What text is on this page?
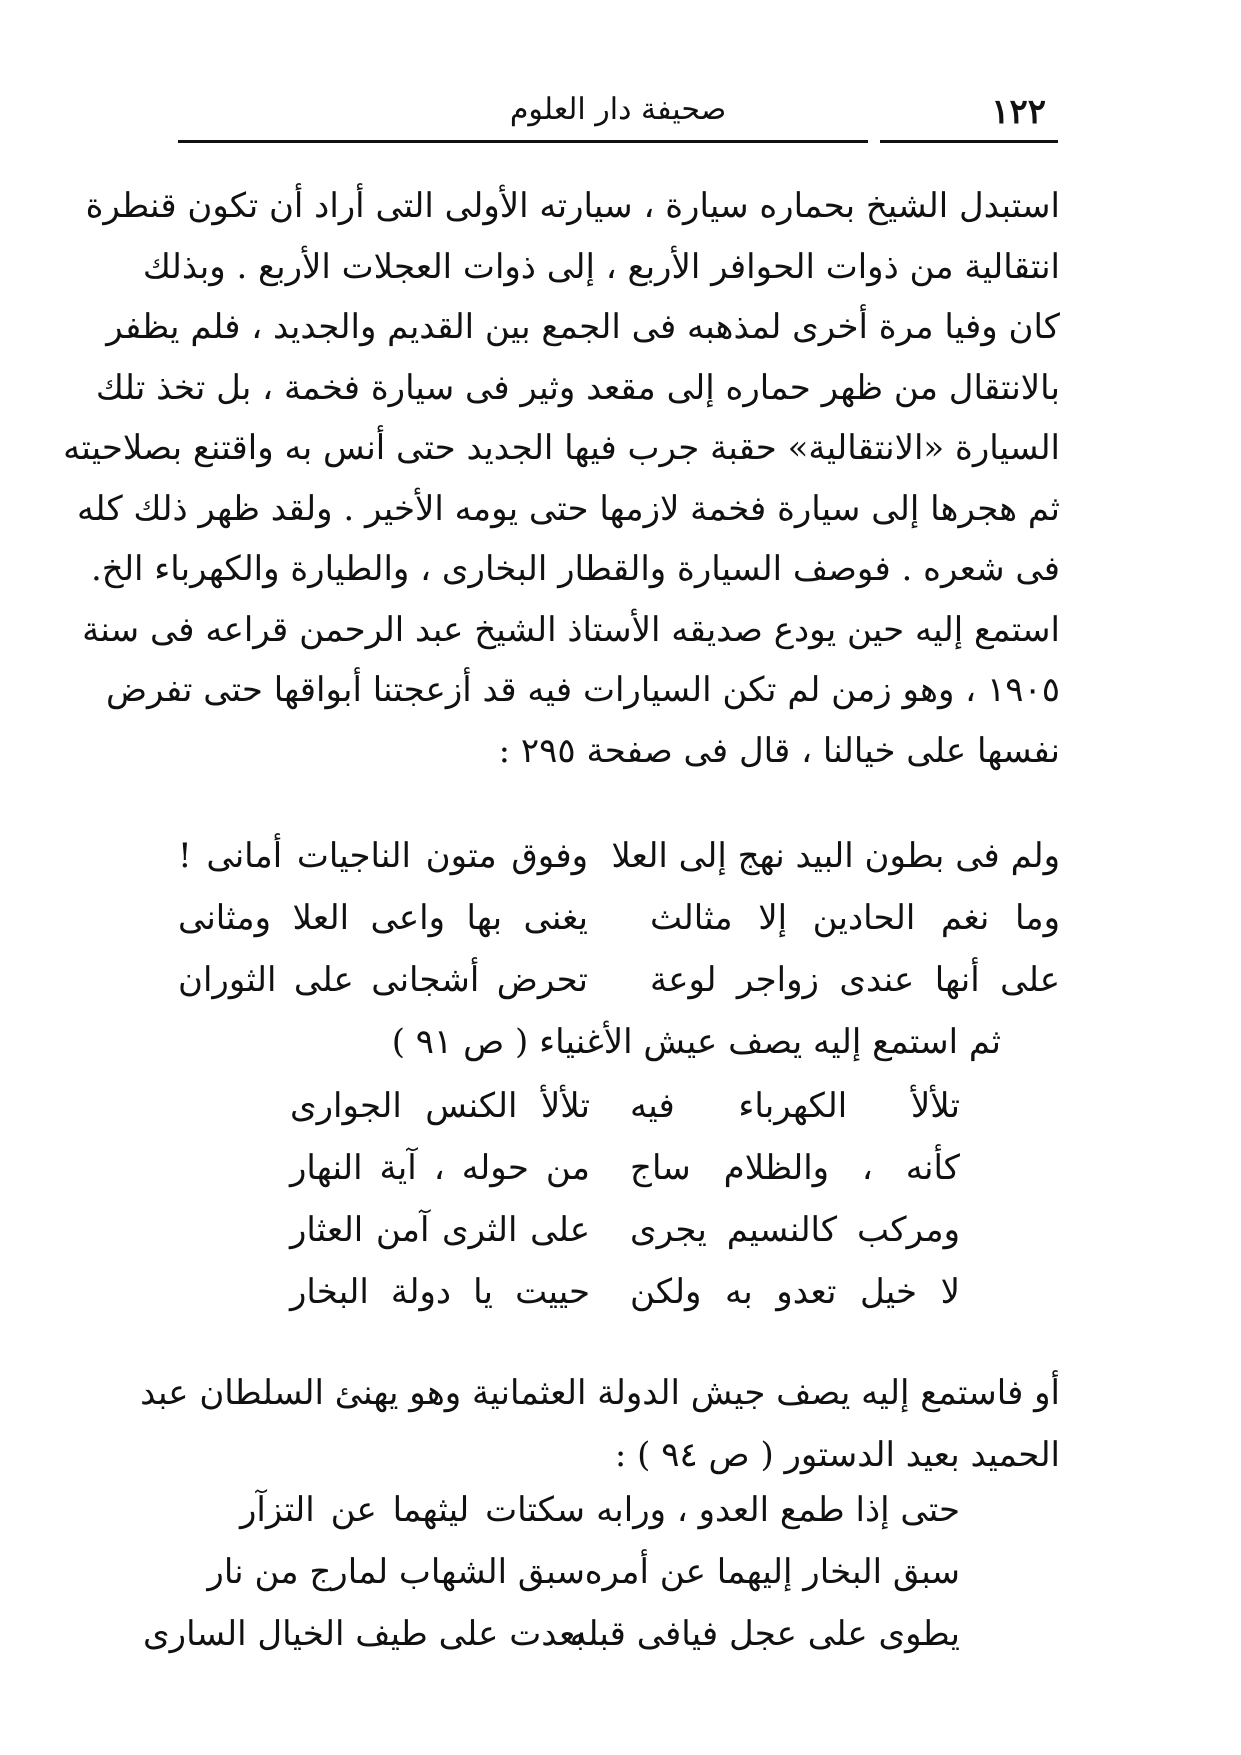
١٢٢
صحيفة دار العلوم
استبدل الشيخ بحماره سيارة ، سيارته الأولى التى أراد أن تكون قنطرة
انتقالية من ذوات الحوافر الأربع ، إلى ذوات العجلات الأربع . وبذلك
كان وفيا مرة أخرى لمذهبه فى الجمع بين القديم والجديد ، فلم يظفر
بالانتقال من ظهر حماره إلى مقعد وثير فى سيارة فخمة ، بل تخذ تلك
السيارة «الانتقالية» حقبة جرب فيها الجديد حتى أنس به واقتنع بصلاحيته
ثم هجرها إلى سيارة فخمة لازمها حتى يومه الأخير . ولقد ظهر ذلك كله
فى شعره . فوصف السيارة والقطار البخارى ، والطيارة والكهرباء الخ.
استمع إليه حين يودع صديقه الأستاذ الشيخ عبد الرحمن قراعه فى سنة
١٩٠٥ ، وهو زمن لم تكن السيارات فيه قد أزعجتنا أبواقها حتى تفرض
نفسها على خيالنا ، قال فى صفحة ٢٩٥ :
ولم فى بطون البيد نهج إلى العلا
وفوق متون الناجيات أمانى !
وما نغم الحادين إلا مثالث
يغنى بها واعى العلا ومثانى
على أنها عندى زواجر لوعة
تحرض أشجانى على الثوران
ثم استمع إليه يصف عيش الأغنياء ( ص ٩١ )
تلألأ الكهرباء فيه
تلألأ الكنس الجوارى
كأنه ، والظلام ساج
من حوله ، آية النهار
ومركب كالنسيم يجرى
على الثرى آمن العثار
لا خيل تعدو به ولكن
حييت يا دولة البخار
أو فاستمع إليه يصف جيش الدولة العثمانية وهو يهنئ السلطان عبد
الحميد بعيد الدستور ( ص ٩٤ ) :
حتى إذا طمع العدو ، ورابه
سكتات ليثهما عن التزآر
سبق البخار إليهما عن أمره
سبق الشهاب لمارج من نار
يطوى على عجل فيافى قبله
بعدت على طيف الخيال السارى
